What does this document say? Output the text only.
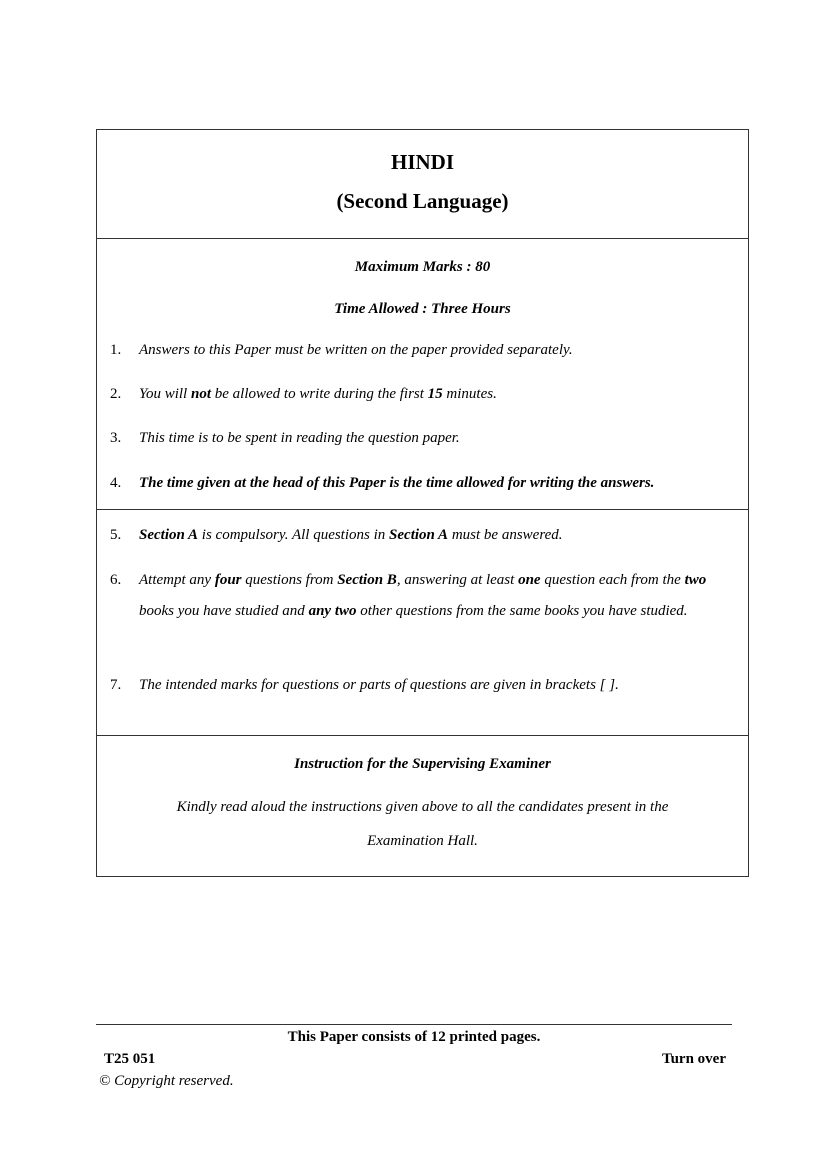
HINDI
(Second Language)
Maximum Marks : 80
Time Allowed : Three Hours
1. Answers to this Paper must be written on the paper provided separately.
2. You will not be allowed to write during the first 15 minutes.
3. This time is to be spent in reading the question paper.
4. The time given at the head of this Paper is the time allowed for writing the answers.
5. Section A is compulsory. All questions in Section A must be answered.
6. Attempt any four questions from Section B, answering at least one question each from the two books you have studied and any two other questions from the same books you have studied.
7. The intended marks for questions or parts of questions are given in brackets [ ].
Instruction for the Supervising Examiner
Kindly read aloud the instructions given above to all the candidates present in the
Examination Hall.
This Paper consists of 12 printed pages.
T25 051	Turn over
© Copyright reserved.
